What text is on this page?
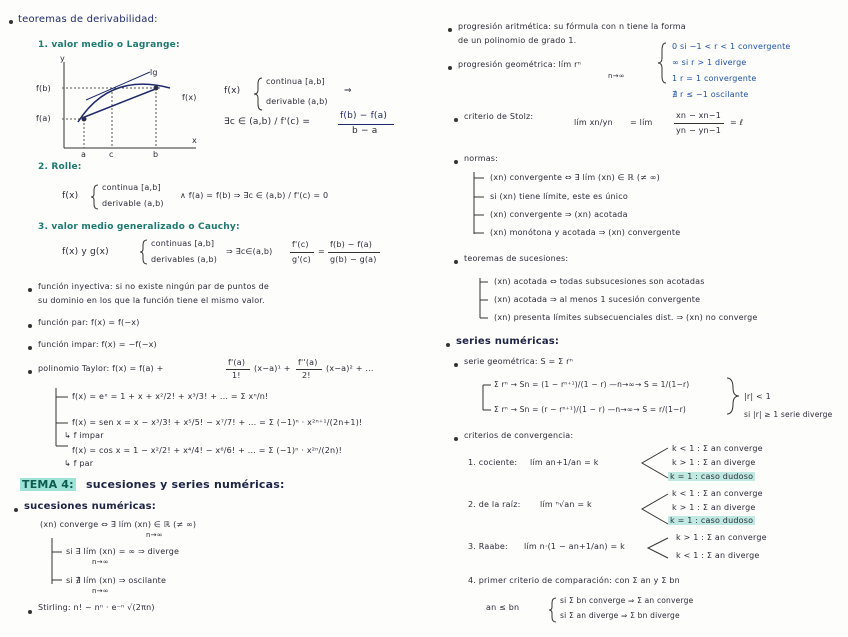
teoremas de derivabilidad:
1. valor medio o Lagrange:
y
x
f(b)
f(a)
f(x)
lg
a	c	b
f(x)
continua [a,b]
derivable (a,b)
⇒
∃c ∈ (a,b) / f'(c) =
f(b) − f(a)
b − a
2. Rolle:
f(x)
continua [a,b]
derivable (a,b)
∧ f(a) = f(b) ⇒ ∃c ∈ (a,b) / f'(c) = 0
3. valor medio generalizado o Cauchy:
f(x) y g(x)
continuas [a,b]
derivables (a,b)
⇒ ∃c∈(a,b)
f'(c)
g'(c)
=
f(b) − f(a)
g(b) − g(a)
función inyectiva: si no existe ningún par de puntos de
su dominio en los que la función tiene el mismo valor.
función par: f(x) = f(−x)
función impar: f(x) = −f(−x)
polinomio Taylor: f(x) = f(a) +
f'(a)
1!
(x−a)¹ +
f''(a)
2!
(x−a)² + ...
f(x) = eˣ = 1 + x + x²/2! + x³/3! + ... = Σ xⁿ/n!
f(x) = sen x = x − x³/3! + x⁵/5! − x⁷/7! + ... = Σ (−1)ⁿ · x²ⁿ⁺¹/(2n+1)!
↳ f impar
f(x) = cos x = 1 − x²/2! + x⁴/4! − x⁶/6! + ... = Σ (−1)ⁿ · x²ⁿ/(2n)!
↳ f par
TEMA 4: sucesiones y series numéricas:
sucesiones numéricas:
(xn) converge ⇔ ∃ lím (xn) ∈ ℝ (≠ ∞)
n→∞
si ∃ lím (xn) = ∞ ⇒ diverge
n→∞
si ∄ lím (xn) ⇒ oscilante
n→∞
Stirling: n! ~ nⁿ · e⁻ⁿ √(2πn)
progresión aritmética: su fórmula con n tiene la forma
de un polinomio de grado 1.
progresión geométrica: lím rⁿ
n→∞
0 si −1 < r < 1 convergente
∞ si r > 1 diverge
1 r = 1 convergente
∄ r ≤ −1 oscilante
criterio de Stolz:
lím xn/yn = lím
xn − xn−1
yn − yn−1
= ℓ
normas:
(xn) convergente ⇔ ∃ lím (xn) ∈ ℝ (≠ ∞)
si (xn) tiene límite, este es único
(xn) convergente ⇒ (xn) acotada
(xn) monótona y acotada ⇒ (xn) convergente
teoremas de sucesiones:
(xn) acotada ⇔ todas subsucesiones son acotadas
(xn) acotada ⇒ al menos 1 sucesión convergente
(xn) presenta límites subsecuenciales dist. ⇒ (xn) no converge
series numéricas:
serie geométrica: S = Σ rⁿ
Σ rⁿ → Sn = (1 − rⁿ⁺¹)/(1 − r) —n→∞→ S = 1/(1−r)
Σ rⁿ → Sn = (r − rⁿ⁺¹)/(1 − r) —n→∞→ S = r/(1−r)
|r| < 1
si |r| ≥ 1 serie diverge
criterios de convergencia:
1. cociente: lím an+1/an = k
k < 1 : Σ an converge
k > 1 : Σ an diverge
k = 1 : caso dudoso
2. de la raíz: lím ⁿ√an = k
k < 1 : Σ an converge
k > 1 : Σ an diverge
k = 1 : caso dudoso
3. Raabe: lím n·(1 − an+1/an) = k
k > 1 : Σ an converge
k < 1 : Σ an diverge
4. primer criterio de comparación: con Σ an y Σ bn
an ≤ bn
si Σ bn converge ⇒ Σ an converge
si Σ an diverge ⇒ Σ bn diverge
